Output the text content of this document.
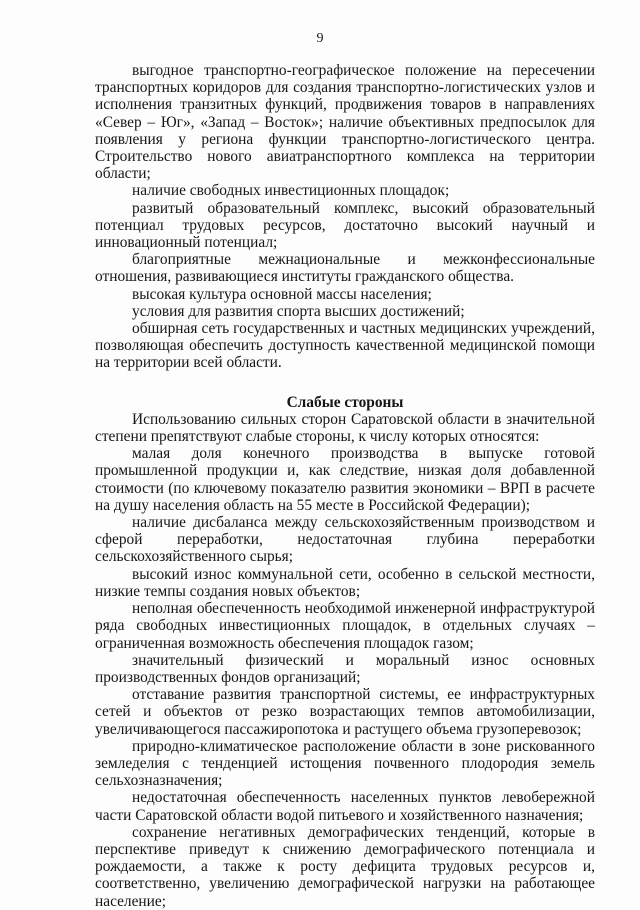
9

выгодное транспортно-географическое положение на пересечении транспортных коридоров для создания транспортно-логистических узлов и исполнения транзитных функций, продвижения товаров в направлениях «Север – Юг», «Запад – Восток»; наличие объективных предпосылок для появления у региона функции транспортно-логистического центра. Строительство нового авиатранспортного комплекса на территории области;

наличие свободных инвестиционных площадок;

развитый образовательный комплекс, высокий образовательный потенциал трудовых ресурсов, достаточно высокий научный и инновационный потенциал;

благоприятные межнациональные и межконфессиональные отношения, развивающиеся институты гражданского общества.

высокая культура основной массы населения;

условия для развития спорта высших достижений;

обширная сеть государственных и частных медицинских учреждений, позволяющая обеспечить доступность качественной медицинской помощи на территории всей области.

Слабые стороны

Использованию сильных сторон Саратовской области в значительной степени препятствуют слабые стороны, к числу которых относятся:

малая доля конечного производства в выпуске готовой промышленной продукции и, как следствие, низкая доля добавленной стоимости (по ключевому показателю развития экономики – ВРП в расчете на душу населения область на 55 месте в Российской Федерации);

наличие дисбаланса между сельскохозяйственным производством и сферой переработки, недостаточная глубина переработки сельскохозяйственного сырья;

высокий износ коммунальной сети, особенно в сельской местности, низкие темпы создания новых объектов;

неполная обеспеченность необходимой инженерной инфраструктурой ряда свободных инвестиционных площадок, в отдельных случаях – ограниченная возможность обеспечения площадок газом;

значительный физический и моральный износ основных производственных фондов организаций;

отставание развития транспортной системы, ее инфраструктурных сетей и объектов от резко возрастающих темпов автомобилизации, увеличивающегося пассажиропотока и растущего объема грузоперевозок;

природно-климатическое расположение области в зоне рискованного земледелия с тенденцией истощения почвенного плодородия земель сельхозназначения;

недостаточная обеспеченность населенных пунктов левобережной части Саратовской области водой питьевого и хозяйственного назначения;

сохранение негативных демографических тенденций, которые в перспективе приведут к снижению демографического потенциала и рождаемости, а также к росту дефицита трудовых ресурсов и, соответственно, увеличению демографической нагрузки на работающее население;
